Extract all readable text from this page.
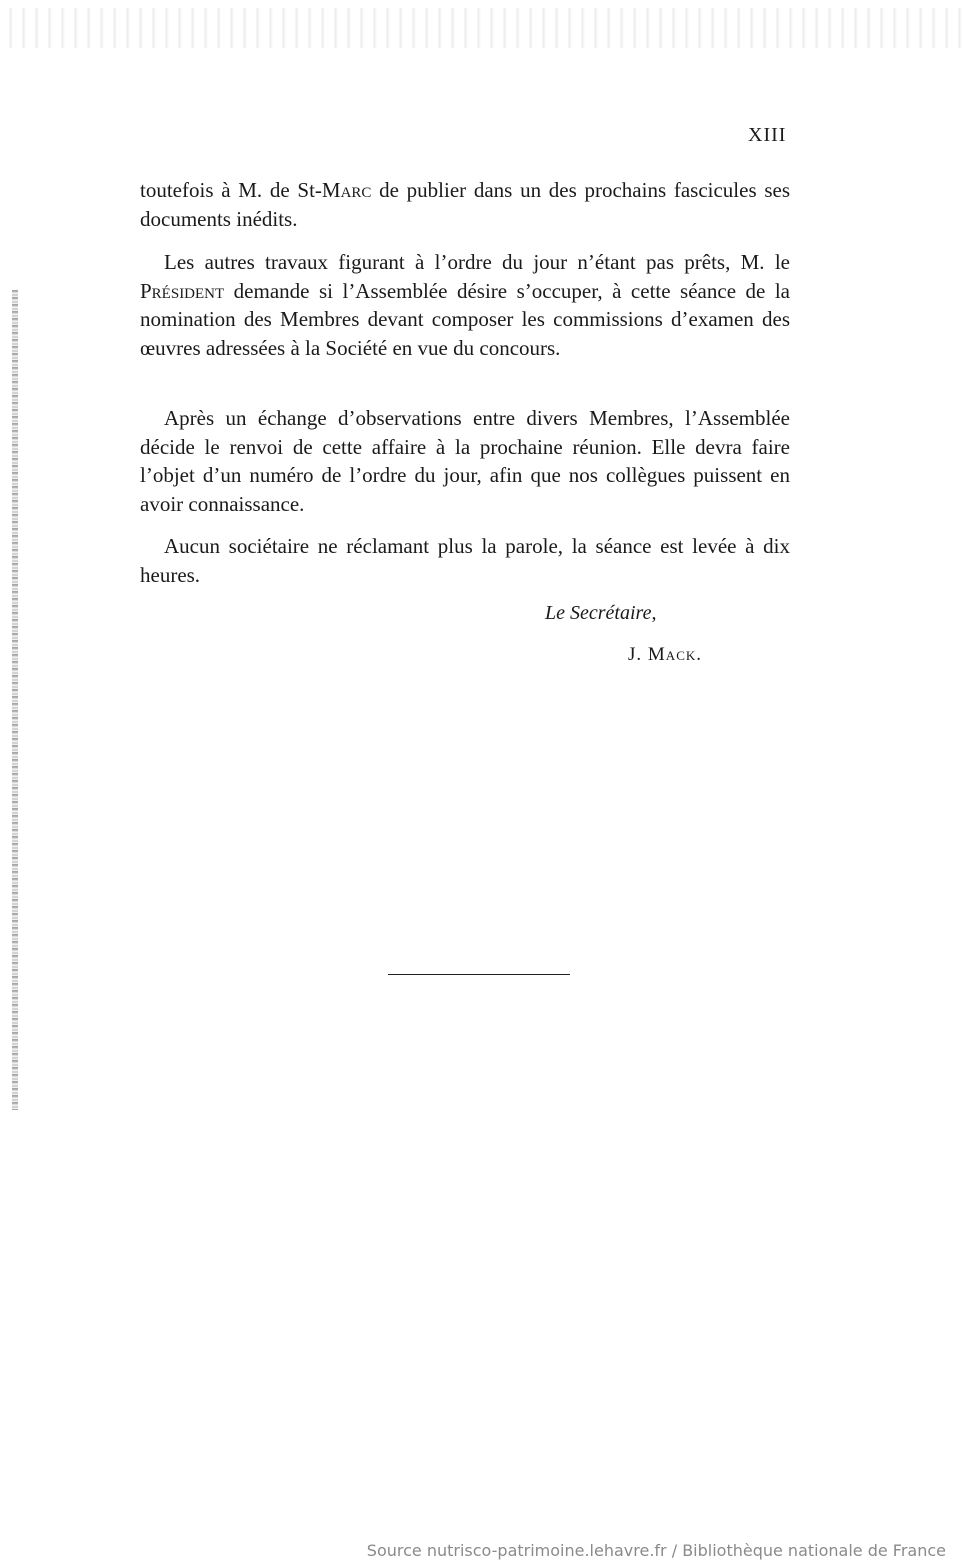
XIII

toutefois à M. de St-Marc de publier dans un des prochains fascicules ses documents inédits.

Les autres travaux figurant à l’ordre du jour n’étant pas prêts, M. le Président demande si l’Assemblée désire s’occuper, à cette séance de la nomination des Membres devant composer les commissions d’examen des œuvres adressées à la Société en vue du concours.

Après un échange d’observations entre divers Membres, l’Assemblée décide le renvoi de cette affaire à la prochaine réunion. Elle devra faire l’objet d’un numéro de l’ordre du jour, afin que nos collègues puissent en avoir connaissance.

Aucun sociétaire ne réclamant plus la parole, la séance est levée à dix heures.

Le Secrétaire,
J. Mack.
Source nutrisco-patrimoine.lehavre.fr / Bibliothèque nationale de France
